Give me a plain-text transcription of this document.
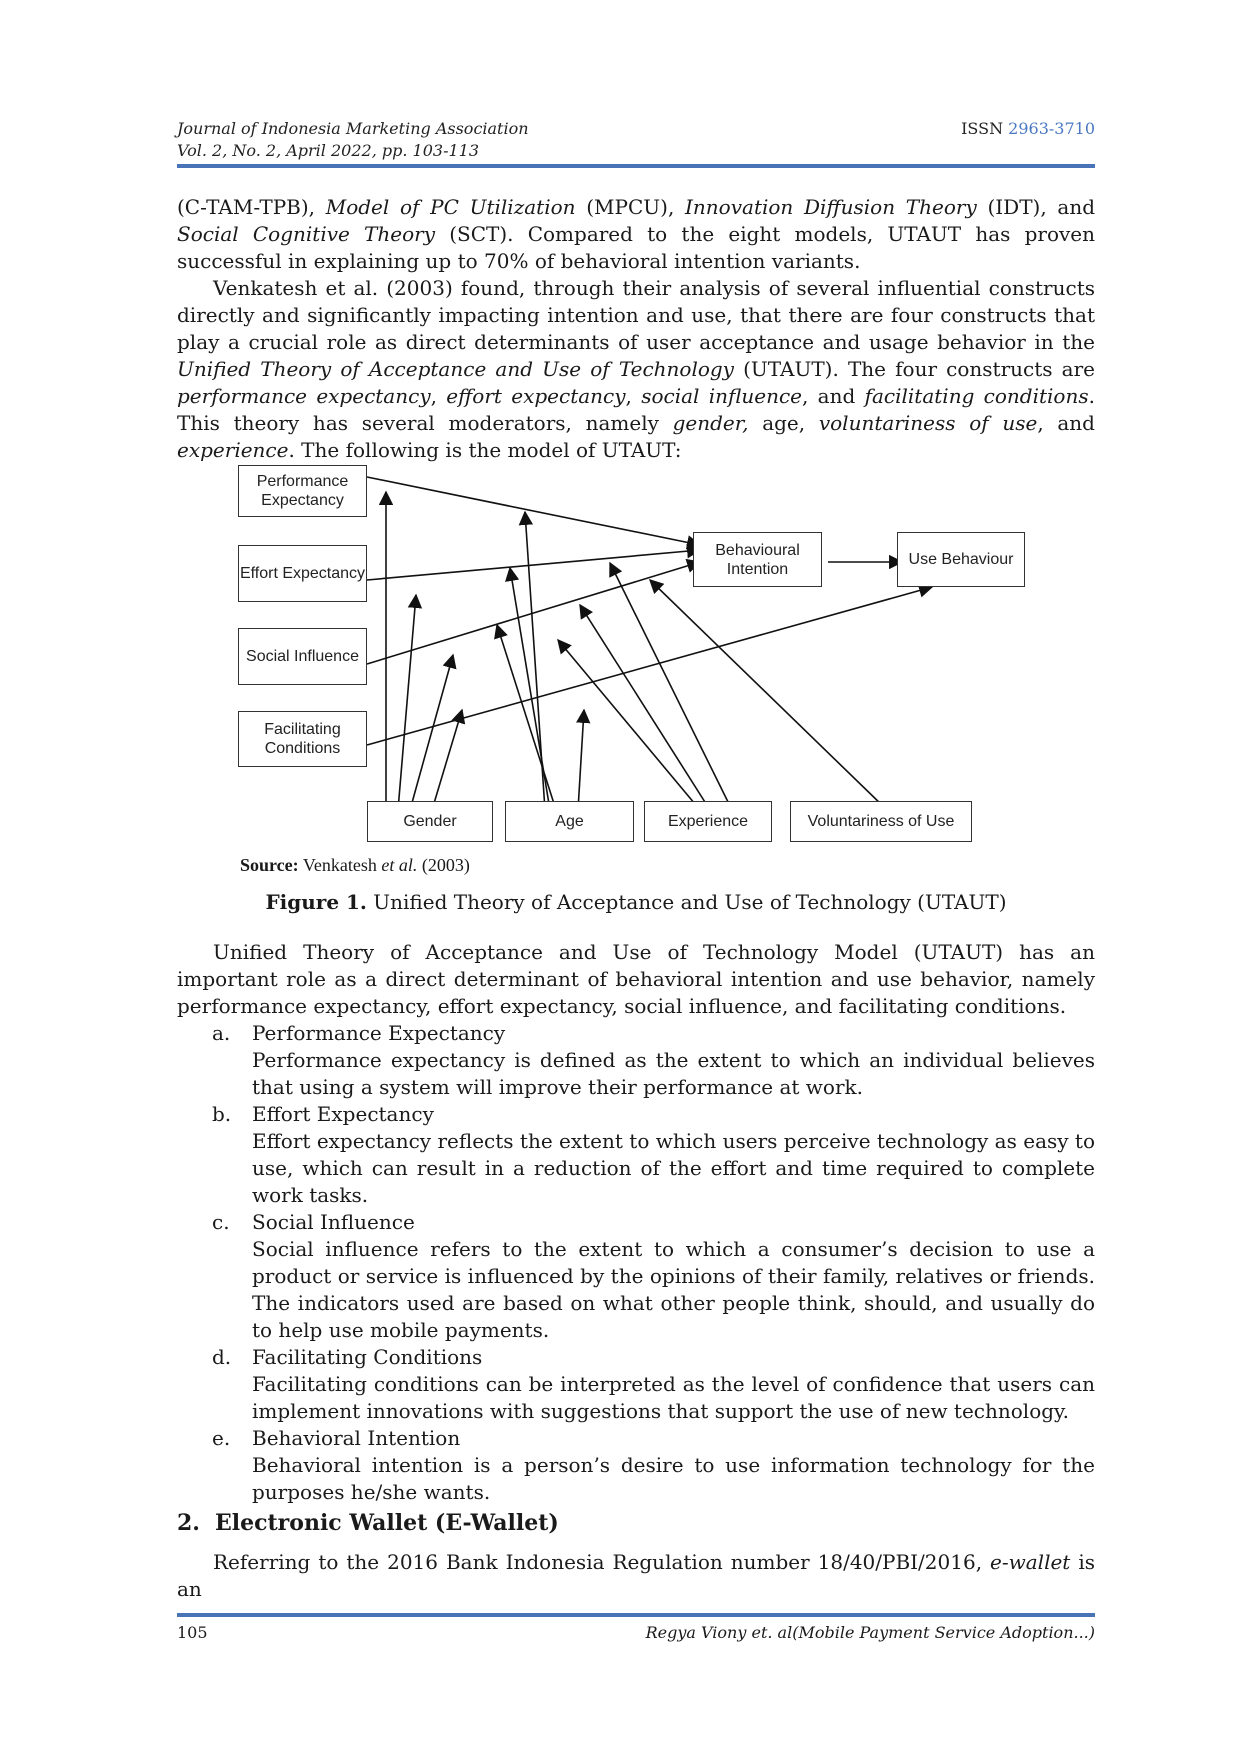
Journal of Indonesia Marketing Association
Vol. 2, No. 2, April 2022, pp. 103-113
ISSN 2963-3710

(C-TAM-TPB), Model of PC Utilization (MPCU), Innovation Diffusion Theory (IDT), and Social Cognitive Theory (SCT). Compared to the eight models, UTAUT has proven successful in explaining up to 70% of behavioral intention variants.

Venkatesh et al. (2003) found, through their analysis of several influential constructs directly and significantly impacting intention and use, that there are four constructs that play a crucial role as direct determinants of user acceptance and usage behavior in the Unified Theory of Acceptance and Use of Technology (UTAUT). The four constructs are performance expectancy, effort expectancy, social influence, and facilitating conditions. This theory has several moderators, namely gender, age, voluntariness of use, and experience. The following is the model of UTAUT:

Performance Expectancy
Effort Expectancy
Social Influence
Facilitating Conditions
Behavioural Intention
Use Behaviour
Gender	Age	Experience	Voluntariness of Use
Source: Venkatesh et al. (2003)
Figure 1. Unified Theory of Acceptance and Use of Technology (UTAUT)

Unified Theory of Acceptance and Use of Technology Model (UTAUT) has an important role as a direct determinant of behavioral intention and use behavior, namely performance expectancy, effort expectancy, social influence, and facilitating conditions.

a. Performance Expectancy
Performance expectancy is defined as the extent to which an individual believes that using a system will improve their performance at work.
b. Effort Expectancy
Effort expectancy reflects the extent to which users perceive technology as easy to use, which can result in a reduction of the effort and time required to complete work tasks.
c. Social Influence
Social influence refers to the extent to which a consumer’s decision to use a product or service is influenced by the opinions of their family, relatives or friends. The indicators used are based on what other people think, should, and usually do to help use mobile payments.
d. Facilitating Conditions
Facilitating conditions can be interpreted as the level of confidence that users can implement innovations with suggestions that support the use of new technology.
e. Behavioral Intention
Behavioral intention is a person’s desire to use information technology for the purposes he/she wants.
2. Electronic Wallet (E-Wallet)

Referring to the 2016 Bank Indonesia Regulation number 18/40/PBI/2016, e-wallet is an

105	Regya Viony et. al(Mobile Payment Service Adoption...)
